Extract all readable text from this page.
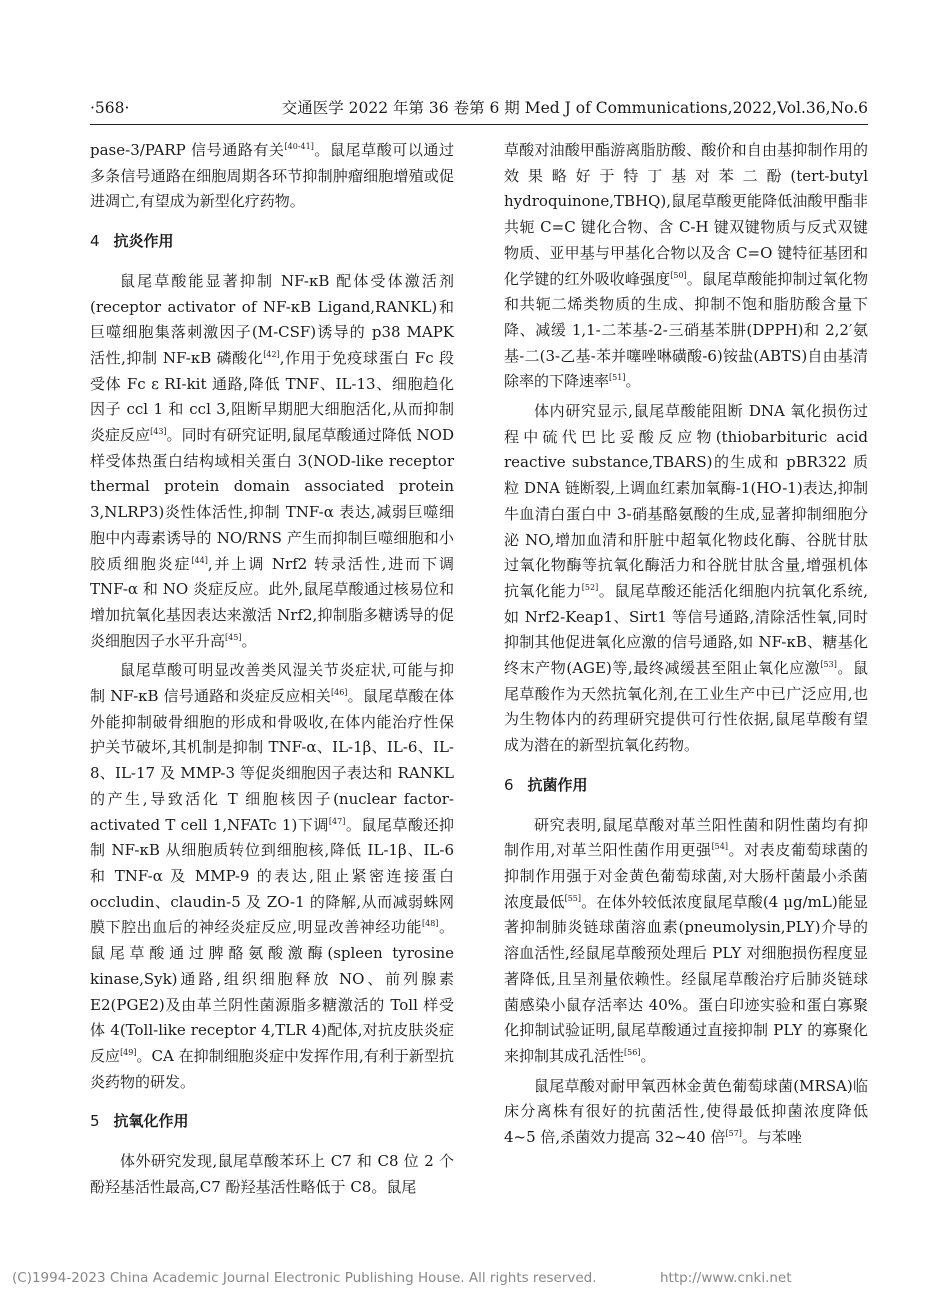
·568·	交通医学 2022 年第 36 卷第 6 期 Med J of Communications,2022,Vol.36,No.6

pase-3/PARP 信号通路有关[40-41]。鼠尾草酸可以通过多条信号通路在细胞周期各环节抑制肿瘤细胞增殖或促进凋亡,有望成为新型化疗药物。

4 抗炎作用

鼠尾草酸能显著抑制 NF-κB 配体受体激活剂(receptor activator of NF-κB Ligand,RANKL)和巨噬细胞集落刺激因子(M-CSF)诱导的 p38 MAPK 活性,抑制 NF-κB 磷酸化[42],作用于免疫球蛋白 Fc 段受体 Fc ε RI-kit 通路,降低 TNF、IL-13、细胞趋化因子 ccl 1 和 ccl 3,阻断早期肥大细胞活化,从而抑制炎症反应[43]。同时有研究证明,鼠尾草酸通过降低 NOD 样受体热蛋白结构域相关蛋白 3(NOD-like receptor thermal protein domain associated protein 3,NLRP3)炎性体活性,抑制 TNF-α 表达,减弱巨噬细胞中内毒素诱导的 NO/RNS 产生而抑制巨噬细胞和小胶质细胞炎症[44],并上调 Nrf2 转录活性,进而下调 TNF-α 和 NO 炎症反应。此外,鼠尾草酸通过核易位和增加抗氧化基因表达来激活 Nrf2,抑制脂多糖诱导的促炎细胞因子水平升高[45]。

鼠尾草酸可明显改善类风湿关节炎症状,可能与抑制 NF-κB 信号通路和炎症反应相关[46]。鼠尾草酸在体外能抑制破骨细胞的形成和骨吸收,在体内能治疗性保护关节破坏,其机制是抑制 TNF-α、IL-1β、IL-6、IL-8、IL-17 及 MMP-3 等促炎细胞因子表达和 RANKL 的产生,导致活化 T 细胞核因子(nuclear factor-activated T cell 1,NFATc 1)下调[47]。鼠尾草酸还抑制 NF-κB 从细胞质转位到细胞核,降低 IL-1β、IL-6 和 TNF-α 及 MMP-9 的表达,阻止紧密连接蛋白 occludin、claudin-5 及 ZO-1 的降解,从而减弱蛛网膜下腔出血后的神经炎症反应,明显改善神经功能[48]。鼠尾草酸通过脾酪氨酸激酶(spleen tyrosine kinase,Syk)通路,组织细胞释放 NO、前列腺素 E2(PGE2)及由革兰阴性菌源脂多糖激活的 Toll 样受体 4(Toll-like receptor 4,TLR 4)配体,对抗皮肤炎症反应[49]。CA 在抑制细胞炎症中发挥作用,有利于新型抗炎药物的研发。

5 抗氧化作用

体外研究发现,鼠尾草酸苯环上 C7 和 C8 位 2 个酚羟基活性最高,C7 酚羟基活性略低于 C8。鼠尾

草酸对油酸甲酯游离脂肪酸、酸价和自由基抑制作用的效果略好于特丁基对苯二酚(tert-butyl hydroquinone,TBHQ),鼠尾草酸更能降低油酸甲酯非共轭 C=C 键化合物、含 C-H 键双键物质与反式双键物质、亚甲基与甲基化合物以及含 C=O 键特征基团和化学键的红外吸收峰强度[50]。鼠尾草酸能抑制过氧化物和共轭二烯类物质的生成、抑制不饱和脂肪酸含量下降、减缓 1,1-二苯基-2-三硝基苯肼(DPPH)和 2,2′氨基-二(3-乙基-苯并噻唑啉磺酸-6)铵盐(ABTS)自由基清除率的下降速率[51]。

体内研究显示,鼠尾草酸能阻断 DNA 氧化损伤过程中硫代巴比妥酸反应物(thiobarbituric acid reactive substance,TBARS)的生成和 pBR322 质粒 DNA 链断裂,上调血红素加氧酶-1(HO-1)表达,抑制牛血清白蛋白中 3-硝基酪氨酸的生成,显著抑制细胞分泌 NO,增加血清和肝脏中超氧化物歧化酶、谷胱甘肽过氧化物酶等抗氧化酶活力和谷胱甘肽含量,增强机体抗氧化能力[52]。鼠尾草酸还能活化细胞内抗氧化系统,如 Nrf2-Keap1、Sirt1 等信号通路,清除活性氧,同时抑制其他促进氧化应激的信号通路,如 NF-κB、糖基化终末产物(AGE)等,最终减缓甚至阻止氧化应激[53]。鼠尾草酸作为天然抗氧化剂,在工业生产中已广泛应用,也为生物体内的药理研究提供可行性依据,鼠尾草酸有望成为潜在的新型抗氧化药物。

6 抗菌作用

研究表明,鼠尾草酸对革兰阳性菌和阴性菌均有抑制作用,对革兰阳性菌作用更强[54]。对表皮葡萄球菌的抑制作用强于对金黄色葡萄球菌,对大肠杆菌最小杀菌浓度最低[55]。在体外较低浓度鼠尾草酸(4 μg/mL)能显著抑制肺炎链球菌溶血素(pneumolysin,PLY)介导的溶血活性,经鼠尾草酸预处理后 PLY 对细胞损伤程度显著降低,且呈剂量依赖性。经鼠尾草酸治疗后肺炎链球菌感染小鼠存活率达 40%。蛋白印迹实验和蛋白寡聚化抑制试验证明,鼠尾草酸通过直接抑制 PLY 的寡聚化来抑制其成孔活性[56]。

鼠尾草酸对耐甲氧西林金黄色葡萄球菌(MRSA)临床分离株有很好的抗菌活性,使得最低抑菌浓度降低 4~5 倍,杀菌效力提高 32~40 倍[57]。与苯唑

(C)1994-2023 China Academic Journal Electronic Publishing House. All rights reserved.	http://www.cnki.net
